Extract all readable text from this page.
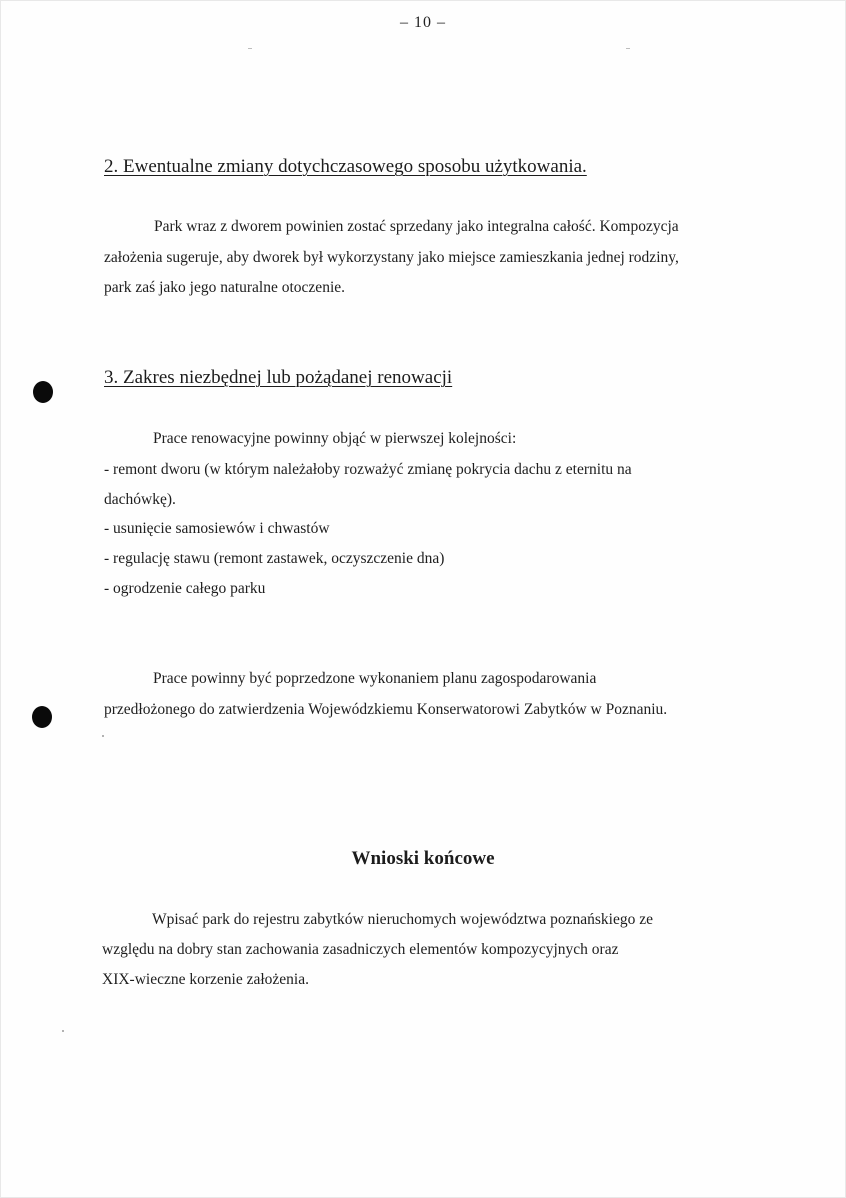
– 10 –
2. Ewentualne zmiany dotychczasowego sposobu użytkowania.
Park wraz z dworem powinien zostać sprzedany jako integralna całość. Kompozycja
założenia sugeruje, aby dworek był wykorzystany jako miejsce zamieszkania jednej rodziny,
park zaś jako jego naturalne otoczenie.
3. Zakres niezbędnej lub pożądanej renowacji
Prace renowacyjne powinny objąć w pierwszej kolejności:
- remont dworu (w którym należałoby rozważyć zmianę pokrycia dachu z eternitu na
dachówkę).
- usunięcie samosiewów i chwastów
- regulację stawu (remont zastawek, oczyszczenie dna)
- ogrodzenie całego parku
Prace powinny być poprzedzone wykonaniem planu zagospodarowania
przedłożonego do zatwierdzenia Wojewódzkiemu Konserwatorowi Zabytków w Poznaniu.
Wnioski końcowe
Wpisać park do rejestru zabytków nieruchomych województwa poznańskiego ze
względu na dobry stan zachowania zasadniczych elementów kompozycyjnych oraz
XIX-wieczne korzenie założenia.
